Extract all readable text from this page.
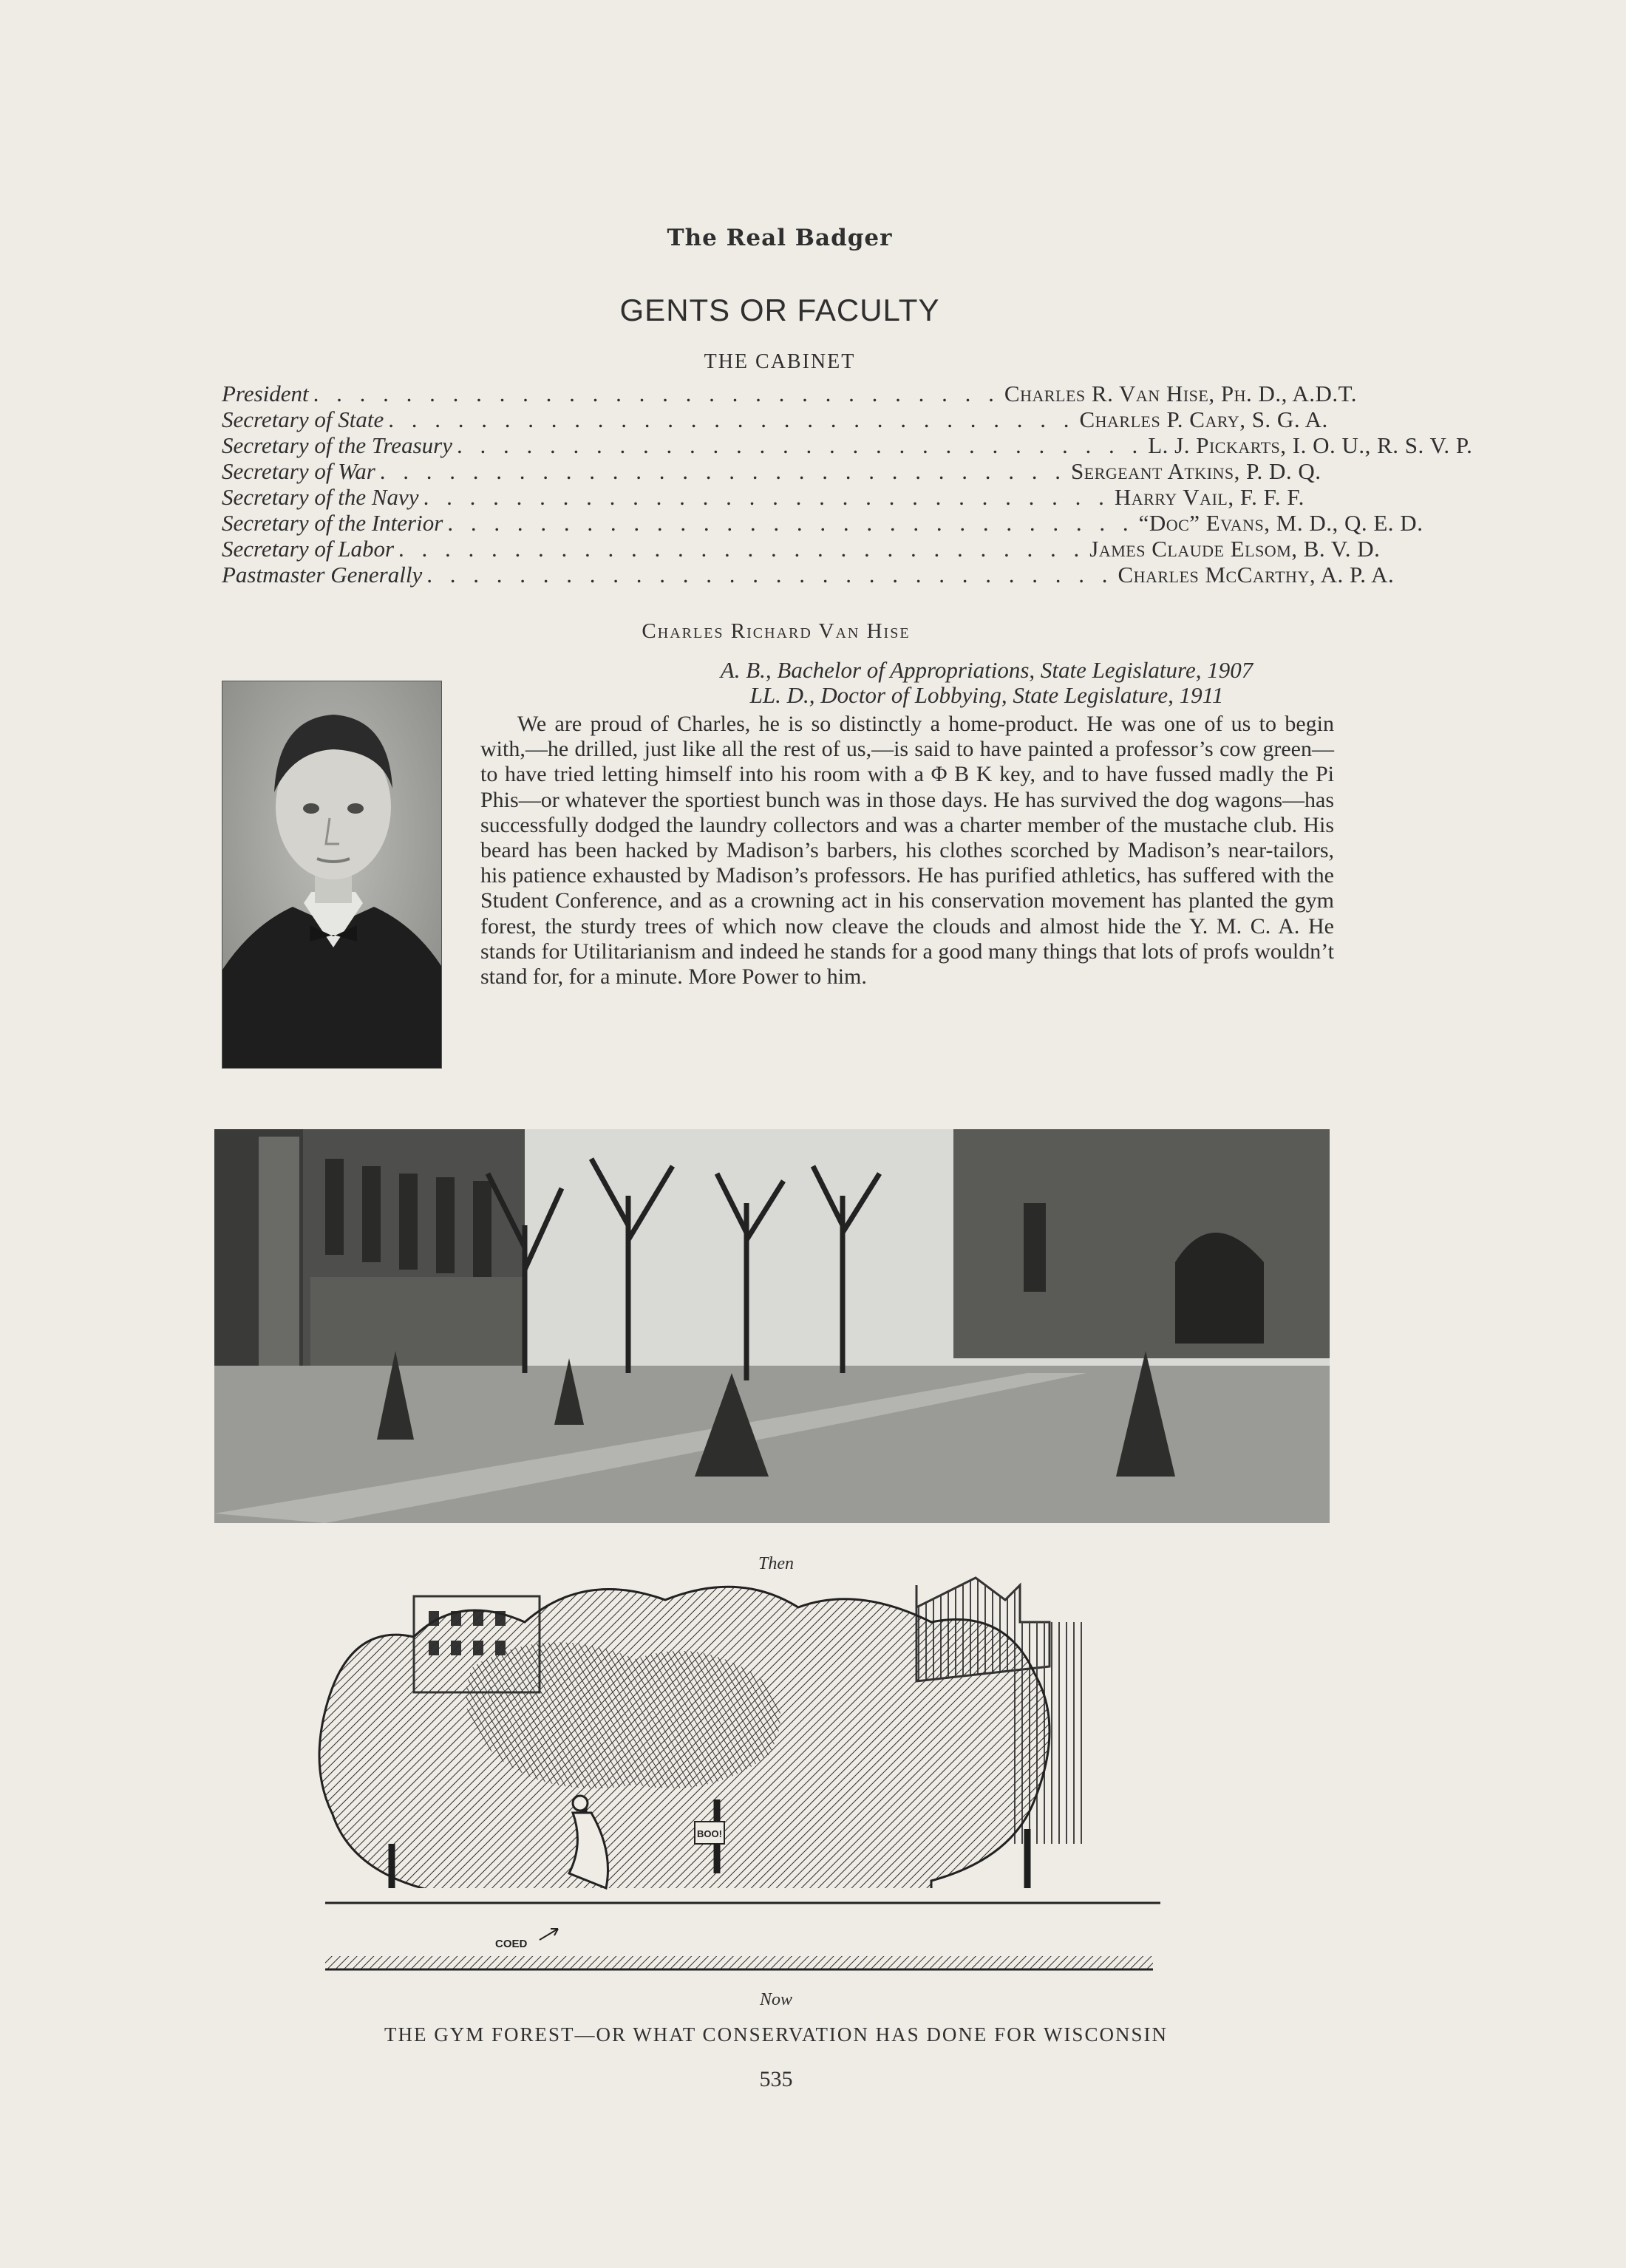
The Real Badger
GENTS OR FACULTY
THE CABINET
President . . . . . . . . . . . . . . . . . . . . . . . . . . . . . . Charles R. Van Hise, Ph. D., A.D.T.
Secretary of State . . . . . . . . . . . . . . . . . . . . . . . . . . . . . . Charles P. Cary, S. G. A.
Secretary of the Treasury . . . . . . . . . . . . . . . . . . . . . . . . . . . . . . L. J. Pickarts, I. O. U., R. S. V. P.
Secretary of War . . . . . . . . . . . . . . . . . . . . . . . . . . . . . . Sergeant Atkins, P. D. Q.
Secretary of the Navy . . . . . . . . . . . . . . . . . . . . . . . . . . . . . . Harry Vail, F. F. F.
Secretary of the Interior . . . . . . . . . . . . . . . . . . . . . . . . . . . . . . “Doc” Evans, M. D., Q. E. D.
Secretary of Labor . . . . . . . . . . . . . . . . . . . . . . . . . . . . . . James Claude Elsom, B. V. D.
Pastmaster Generally . . . . . . . . . . . . . . . . . . . . . . . . . . . . . . Charles McCarthy, A. P. A.
Charles Richard Van Hise
A. B., Bachelor of Appropriations, State Legislature, 1907
LL. D., Doctor of Lobbying, State Legislature, 1911

We are proud of Charles, he is so distinctly a home-product. He was one of us to begin with,—he drilled, just like all the rest of us,—is said to have painted a professor’s cow green—to have tried letting himself into his room with a Φ Β Κ key, and to have fussed madly the Pi Phis—or whatever the sportiest bunch was in those days. He has survived the dog wagons—has successfully dodged the laundry collectors and was a charter member of the mustache club. His beard has been hacked by Madison’s barbers, his clothes scorched by Madison’s near-tailors, his patience exhausted by Madison’s professors. He has purified athletics, has suffered with the Student Conference, and as a crowning act in his conservation movement has planted the gym forest, the sturdy trees of which now cleave the clouds and almost hide the Y. M. C. A. He stands for Utilitarianism and indeed he stands for a good many things that lots of profs wouldn’t stand for, for a minute. More Power to him.

Then
BOO!
COED
Now
THE GYM FOREST—OR WHAT CONSERVATION HAS DONE FOR WISCONSIN
535
